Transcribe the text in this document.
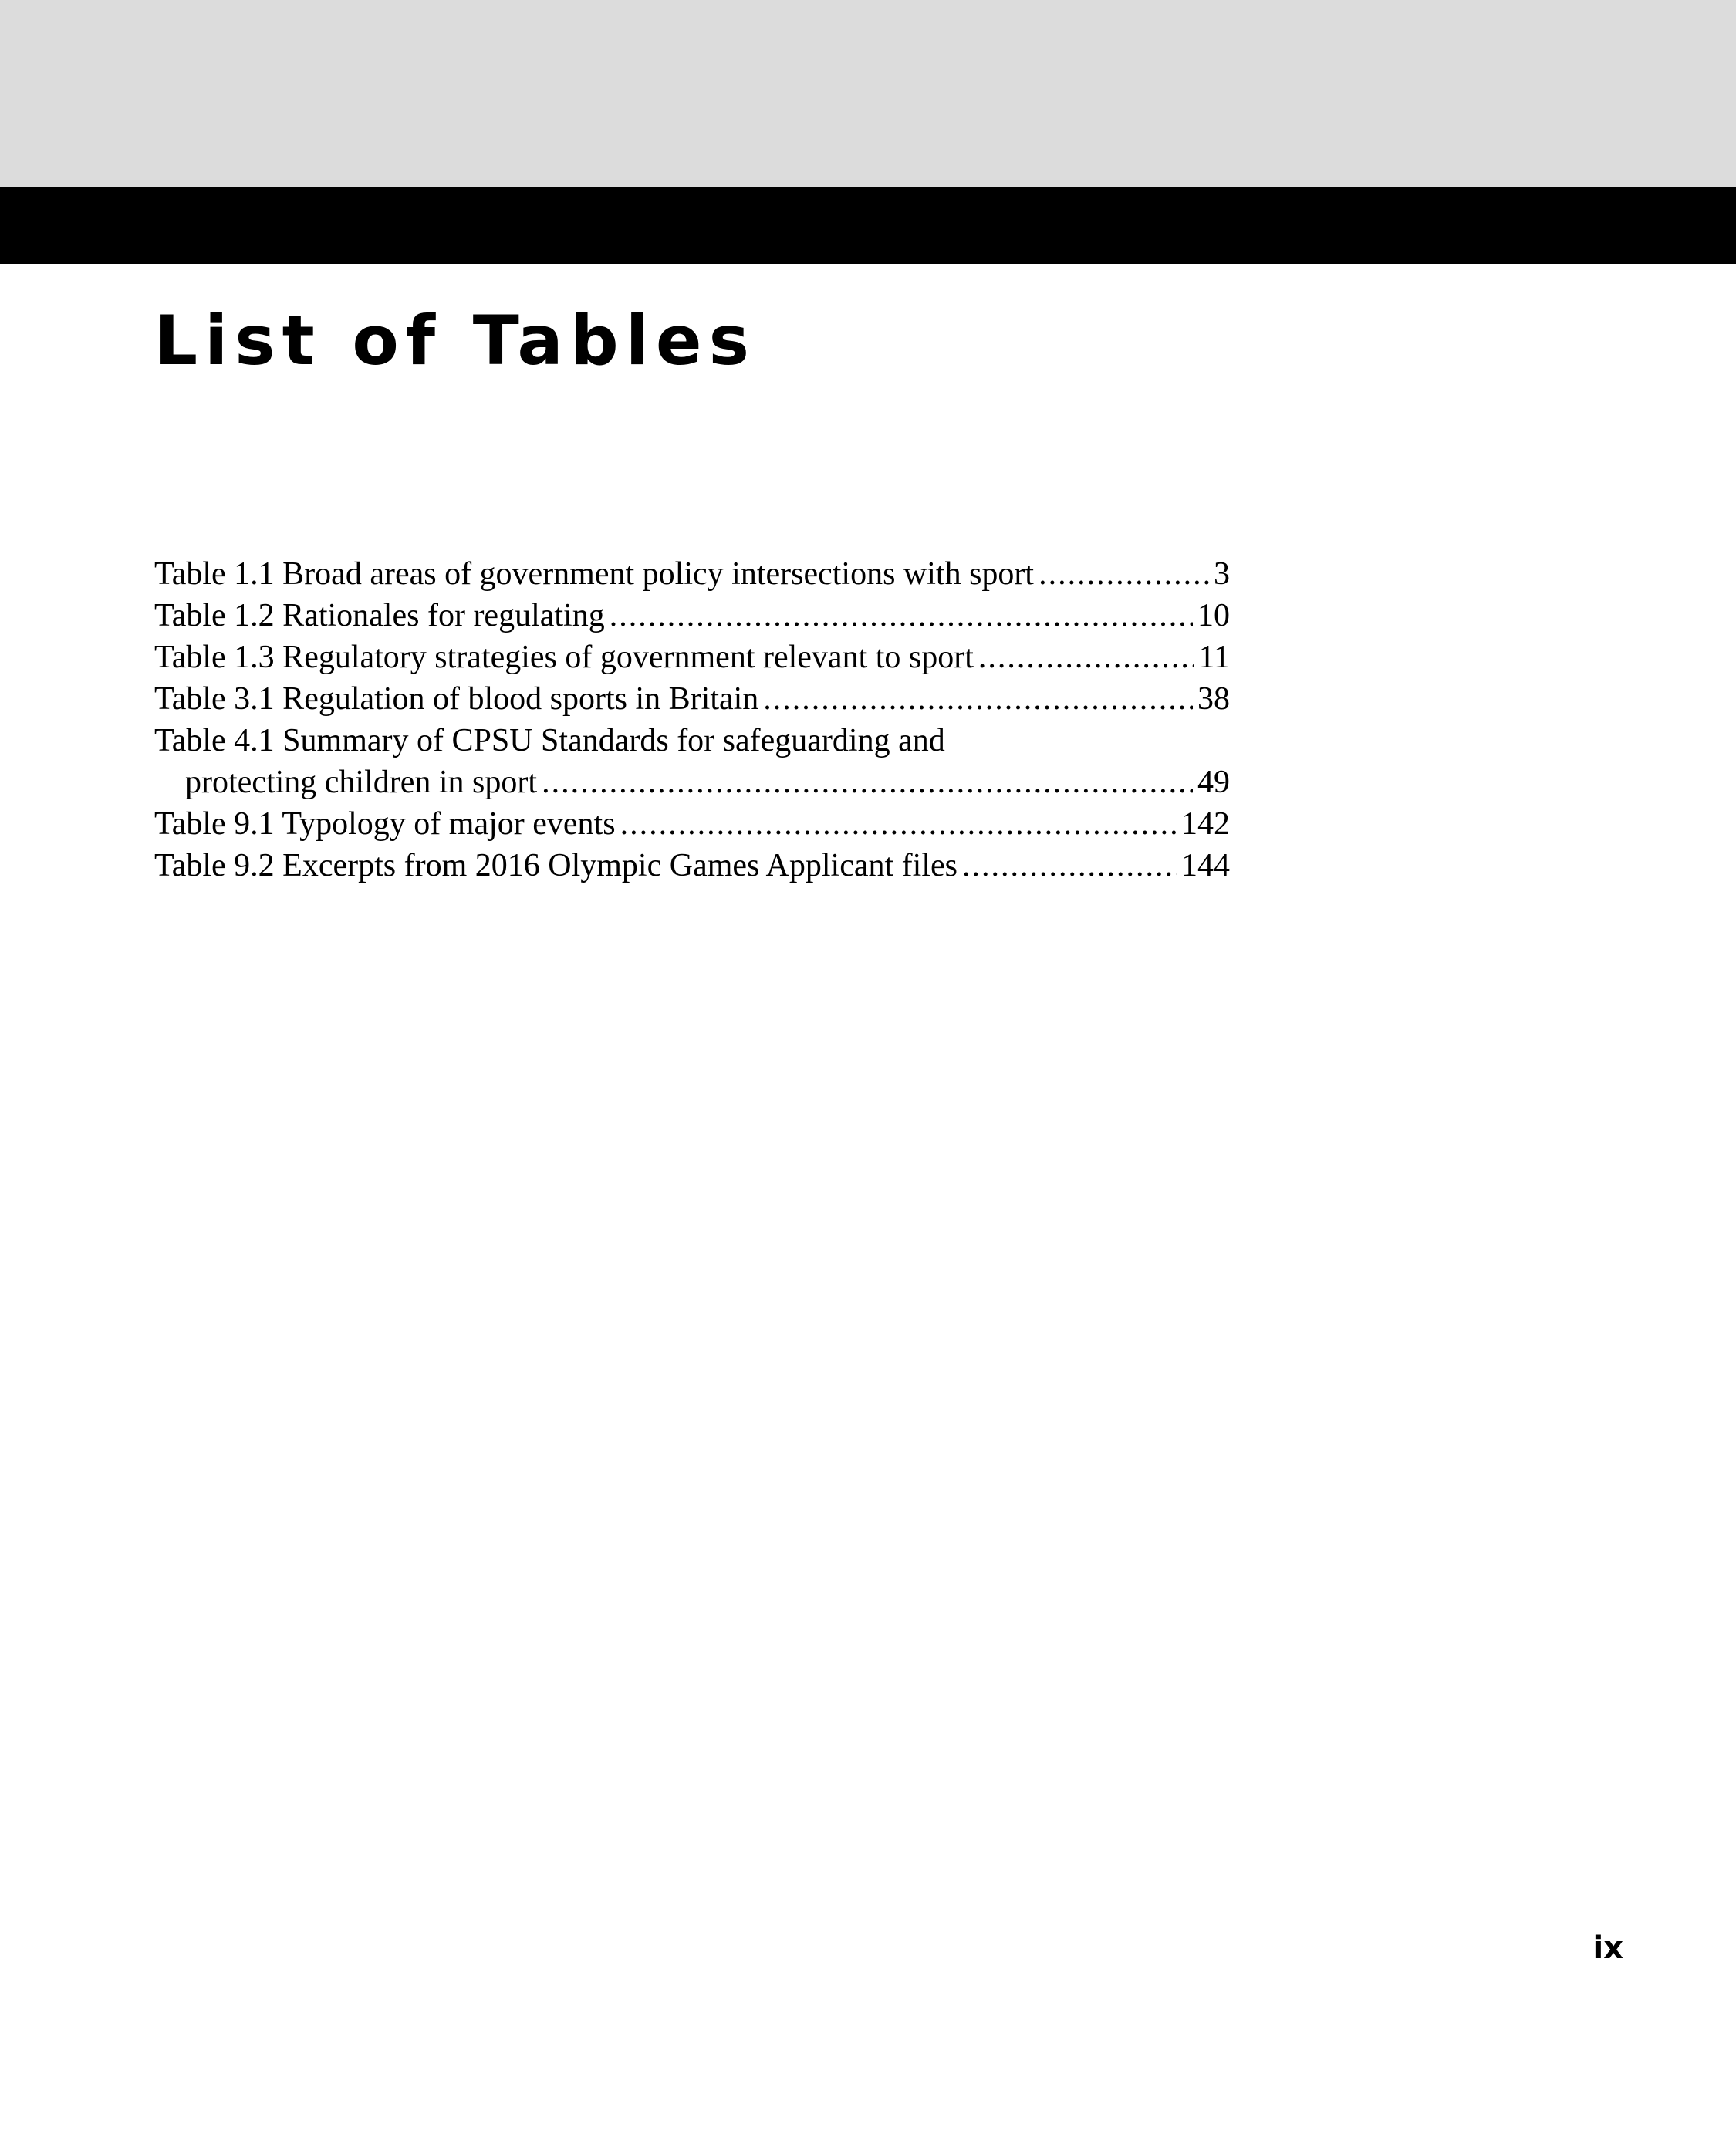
List of Tables
Table 1.1 Broad areas of government policy intersections with sport .....	3
Table 1.2 Rationales for regulating .....	10
Table 1.3 Regulatory strategies of government relevant to sport .....	11
Table 3.1 Regulation of blood sports in Britain .....	38
Table 4.1 Summary of CPSU Standards for safeguarding and
protecting children in sport .....	49
Table 9.1 Typology of major events .....	142
Table 9.2 Excerpts from 2016 Olympic Games Applicant files .....	144
ix
